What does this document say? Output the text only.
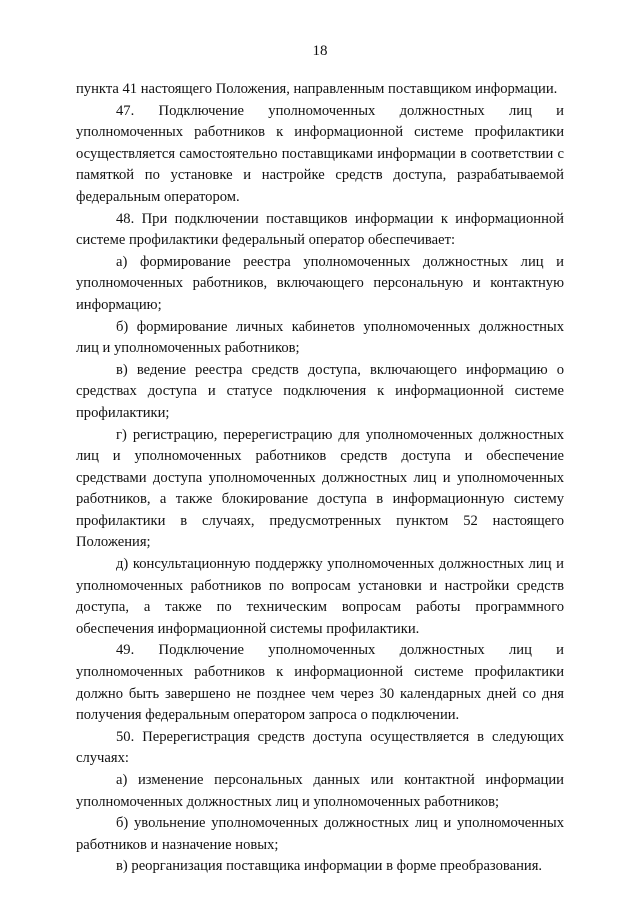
18

пункта 41 настоящего Положения, направленным поставщиком информации.

47. Подключение уполномоченных должностных лиц и уполномоченных работников к информационной системе профилактики осуществляется самостоятельно поставщиками информации в соответствии с памяткой по установке и настройке средств доступа, разрабатываемой федеральным оператором.

48. При подключении поставщиков информации к информационной системе профилактики федеральный оператор обеспечивает:

а) формирование реестра уполномоченных должностных лиц и уполномоченных работников, включающего персональную и контактную информацию;

б) формирование личных кабинетов уполномоченных должностных лиц и уполномоченных работников;

в) ведение реестра средств доступа, включающего информацию о средствах доступа и статусе подключения к информационной системе профилактики;

г) регистрацию, перерегистрацию для уполномоченных должностных лиц и уполномоченных работников средств доступа и обеспечение средствами доступа уполномоченных должностных лиц и уполномоченных работников, а также блокирование доступа в информационную систему профилактики в случаях, предусмотренных пунктом 52 настоящего Положения;

д) консультационную поддержку уполномоченных должностных лиц и уполномоченных работников по вопросам установки и настройки средств доступа, а также по техническим вопросам работы программного обеспечения информационной системы профилактики.

49. Подключение уполномоченных должностных лиц и уполномоченных работников к информационной системе профилактики должно быть завершено не позднее чем через 30 календарных дней со дня получения федеральным оператором запроса о подключении.

50. Перерегистрация средств доступа осуществляется в следующих случаях:

а) изменение персональных данных или контактной информации уполномоченных должностных лиц и уполномоченных работников;

б) увольнение уполномоченных должностных лиц и уполномоченных работников и назначение новых;

в) реорганизация поставщика информации в форме преобразования.
